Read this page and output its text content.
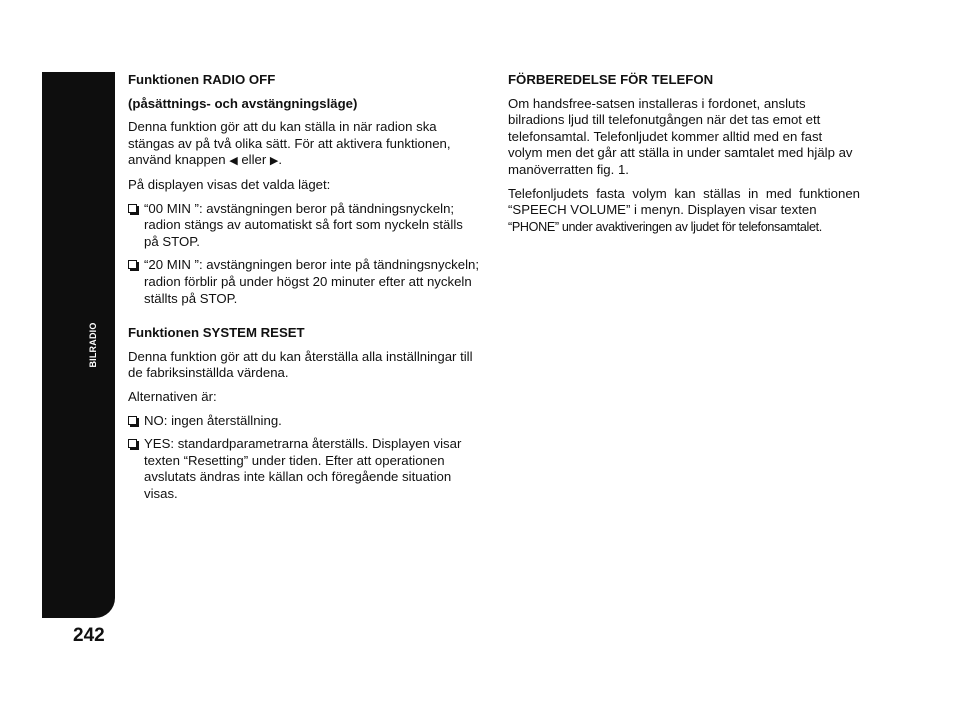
BILRADIO
242

Funktionen RADIO OFF

(påsättnings- och avstängningsläge)

Denna funktion gör att du kan ställa in när radion ska stängas av på två olika sätt. För att aktivera funktionen, använd knappen ◀ eller ▶.

På displayen visas det valda läget:

“00 MIN ”: avstängningen beror på tändningsnyckeln; radion stängs av automatiskt så fort som nyckeln ställs på STOP.

“20 MIN ”: avstängningen beror inte på tändningsnyckeln; radion förblir på under högst 20 minuter efter att nyckeln ställts på STOP.

Funktionen SYSTEM RESET

Denna funktion gör att du kan återställa alla inställningar till de fabriksinställda värdena.

Alternativen är:

NO: ingen återställning.

YES: standardparametrarna återställs. Displayen visar texten “Resetting” under tiden. Efter att operationen avslutats ändras inte källan och föregående situation visas.

FÖRBEREDELSE FÖR TELEFON

Om handsfree-satsen installeras i fordonet, ansluts bilradions ljud till telefonutgången när det tas emot ett telefonsamtal. Telefonljudet kommer alltid med en fast volym men det går att ställa in under samtalet med hjälp av manöverratten fig. 1.

Telefonljudets fasta volym kan ställas in med funktionen “SPEECH VOLUME” i menyn. Displayen visar texten

“PHONE” under avaktiveringen av ljudet för telefonsamtalet.
